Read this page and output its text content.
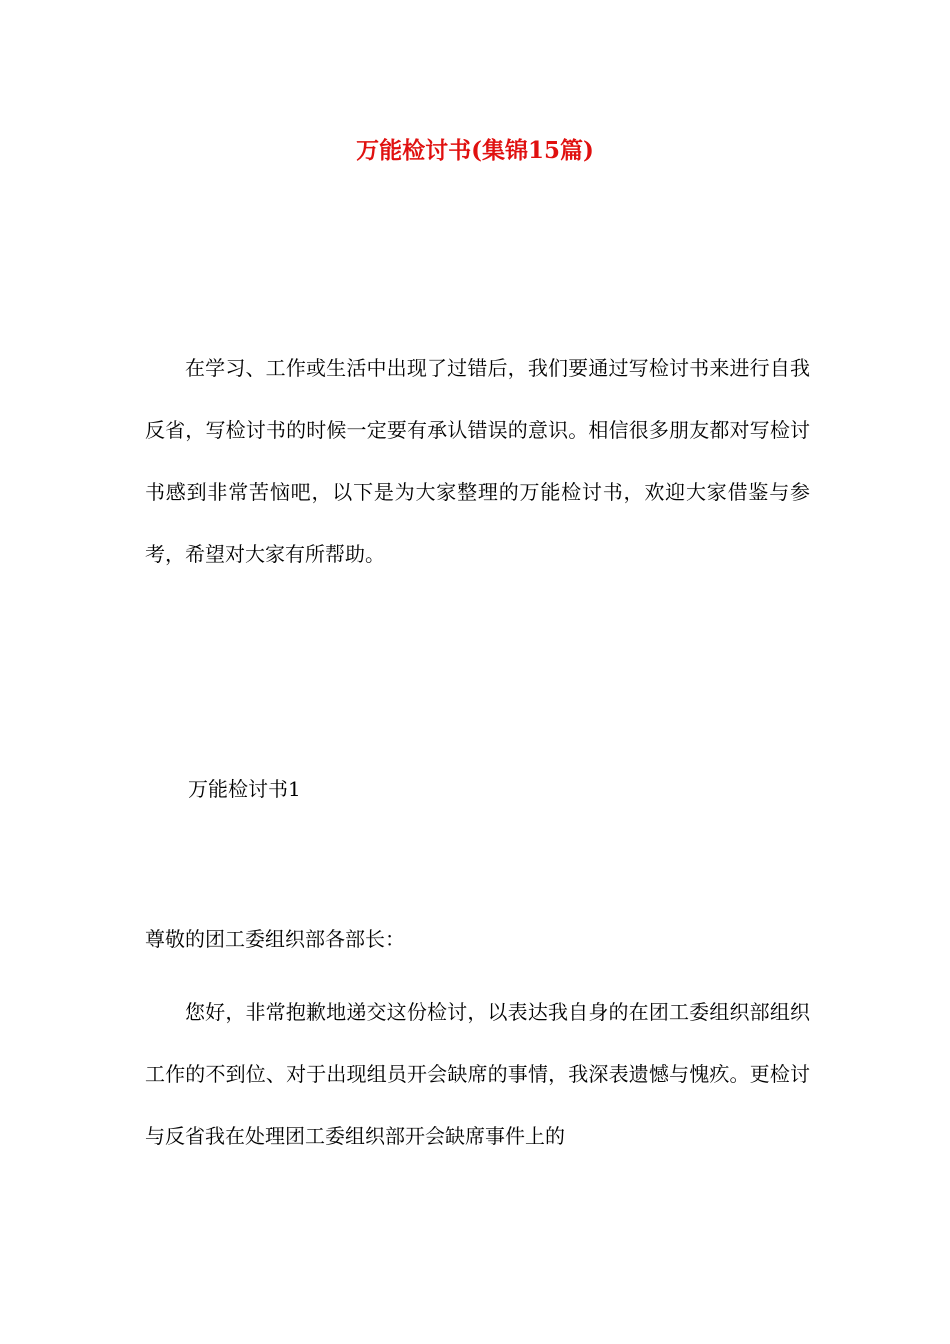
万能检讨书(集锦15篇)

在学习、工作或生活中出现了过错后，我们要通过写检讨书来进行自我反省，写检讨书的时候一定要有承认错误的意识。相信很多朋友都对写检讨书感到非常苦恼吧，以下是为大家整理的万能检讨书，欢迎大家借鉴与参考，希望对大家有所帮助。

万能检讨书1

尊敬的团工委组织部各部长：

您好，非常抱歉地递交这份检讨，以表达我自身的在团工委组织部组织工作的不到位、对于出现组员开会缺席的事情，我深表遗憾与愧疚。更检讨与反省我在处理团工委组织部开会缺席事件上的
